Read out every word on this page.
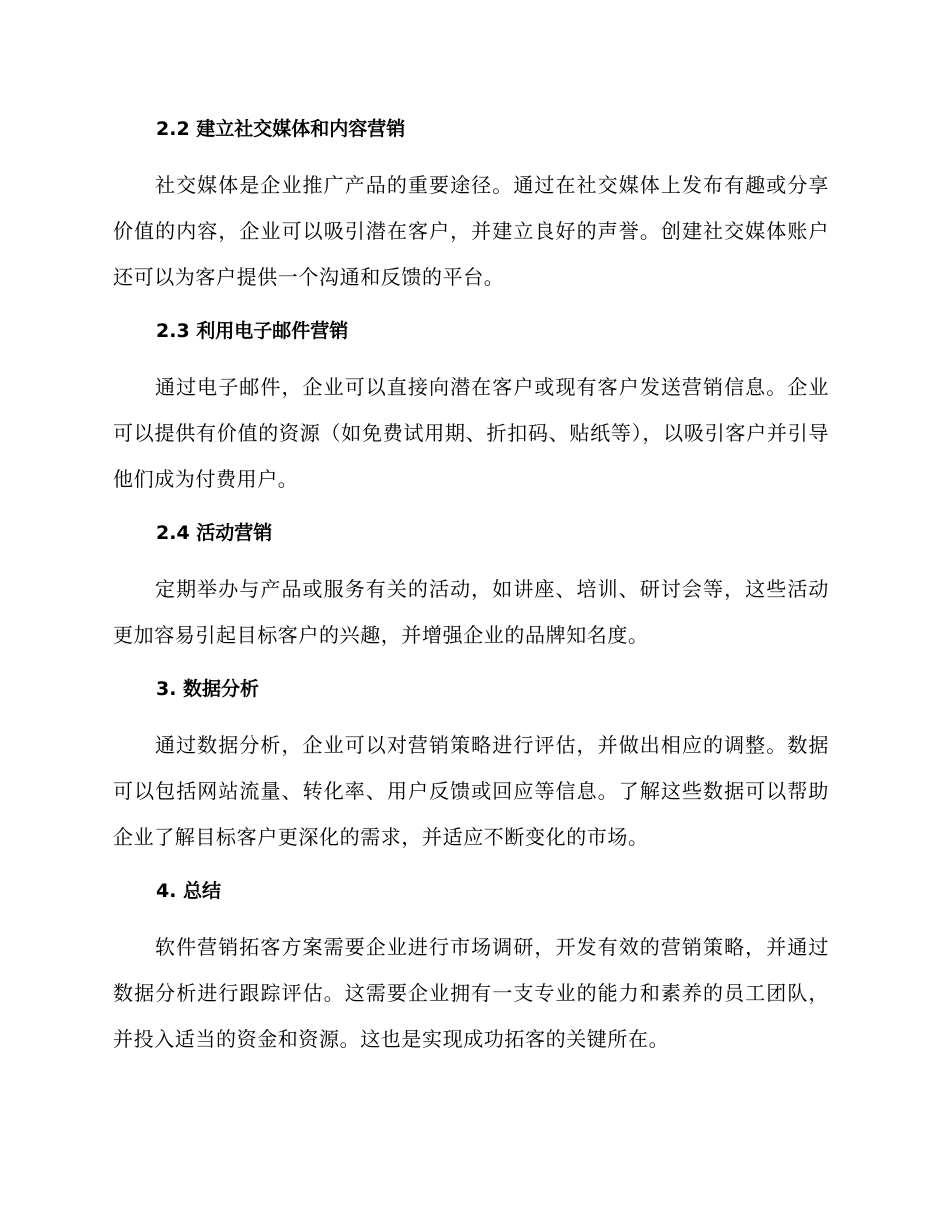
2.2 建立社交媒体和内容营销

社交媒体是企业推广产品的重要途径。通过在社交媒体上发布有趣或分享价值的内容，企业可以吸引潜在客户，并建立良好的声誉。创建社交媒体账户还可以为客户提供一个沟通和反馈的平台。

2.3 利用电子邮件营销

通过电子邮件，企业可以直接向潜在客户或现有客户发送营销信息。企业可以提供有价值的资源（如免费试用期、折扣码、贴纸等），以吸引客户并引导他们成为付费用户。

2.4 活动营销

定期举办与产品或服务有关的活动，如讲座、培训、研讨会等，这些活动更加容易引起目标客户的兴趣，并增强企业的品牌知名度。

3. 数据分析

通过数据分析，企业可以对营销策略进行评估，并做出相应的调整。数据可以包括网站流量、转化率、用户反馈或回应等信息。了解这些数据可以帮助企业了解目标客户更深化的需求，并适应不断变化的市场。

4. 总结

软件营销拓客方案需要企业进行市场调研，开发有效的营销策略，并通过数据分析进行跟踪评估。这需要企业拥有一支专业的能力和素养的员工团队，并投入适当的资金和资源。这也是实现成功拓客的关键所在。
